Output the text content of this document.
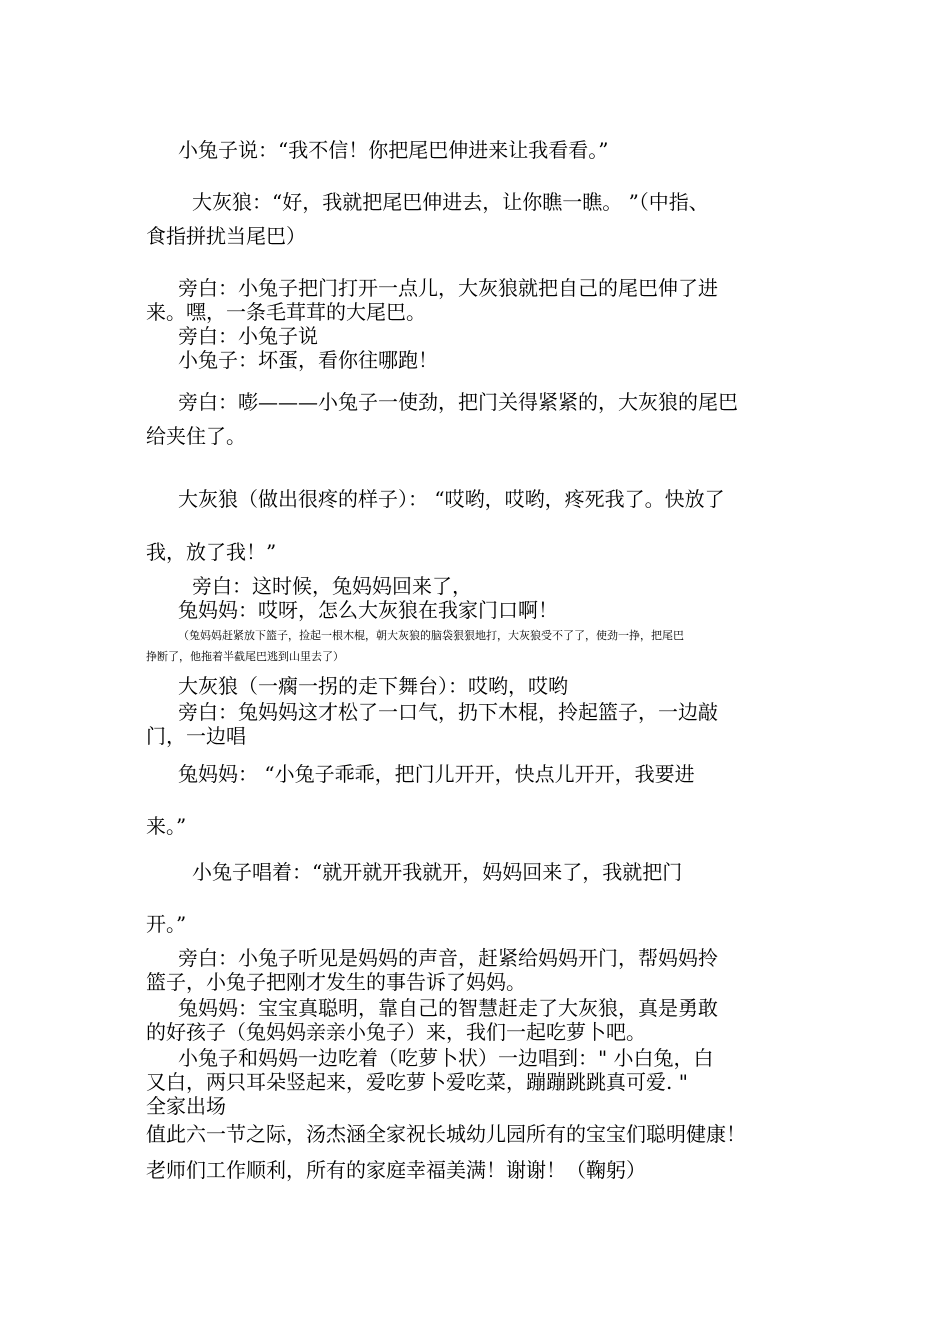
小兔子说：“我不信！你把尾巴伸进来让我看看。”
大灰狼：“好，我就把尾巴伸进去，让你瞧一瞧。 ”（中指、
食指拼扰当尾巴）
旁白：小兔子把门打开一点儿，大灰狼就把自己的尾巴伸了进
来。嘿，一条毛茸茸的大尾巴。
旁白：小兔子说
小兔子：坏蛋，看你往哪跑！
旁白：嘭———小兔子一使劲，把门关得紧紧的，大灰狼的尾巴
给夹住了。
大灰狼（做出很疼的样子）： “哎哟，哎哟，疼死我了。快放了
我，放了我！”
旁白：这时候，兔妈妈回来了，
兔妈妈：哎呀，怎么大灰狼在我家门口啊！
（兔妈妈赶紧放下篮子，捡起一根木棍，朝大灰狼的脑袋狠狠地打，大灰狼受不了了，使劲一挣，把尾巴
挣断了，他拖着半截尾巴逃到山里去了）
大灰狼（一瘸一拐的走下舞台）：哎哟，哎哟
旁白：兔妈妈这才松了一口气，扔下木棍，拎起篮子，一边敲
门，一边唱
兔妈妈： “小兔子乖乖，把门儿开开，快点儿开开，我要进
来。”
小兔子唱着：“就开就开我就开，妈妈回来了，我就把门
开。”
旁白：小兔子听见是妈妈的声音，赶紧给妈妈开门，帮妈妈拎
篮子，小兔子把刚才发生的事告诉了妈妈。
兔妈妈：宝宝真聪明，靠自己的智慧赶走了大灰狼，真是勇敢
的好孩子（兔妈妈亲亲小兔子）来，我们一起吃萝卜吧。
小兔子和妈妈一边吃着（吃萝卜状）一边唱到：" 小白兔，白
又白，两只耳朵竖起来，爱吃萝卜爱吃菜，蹦蹦跳跳真可爱. "
全家出场
值此六一节之际，汤杰涵全家祝长城幼儿园所有的宝宝们聪明健康！
老师们工作顺利，所有的家庭幸福美满！谢谢！（鞠躬）
